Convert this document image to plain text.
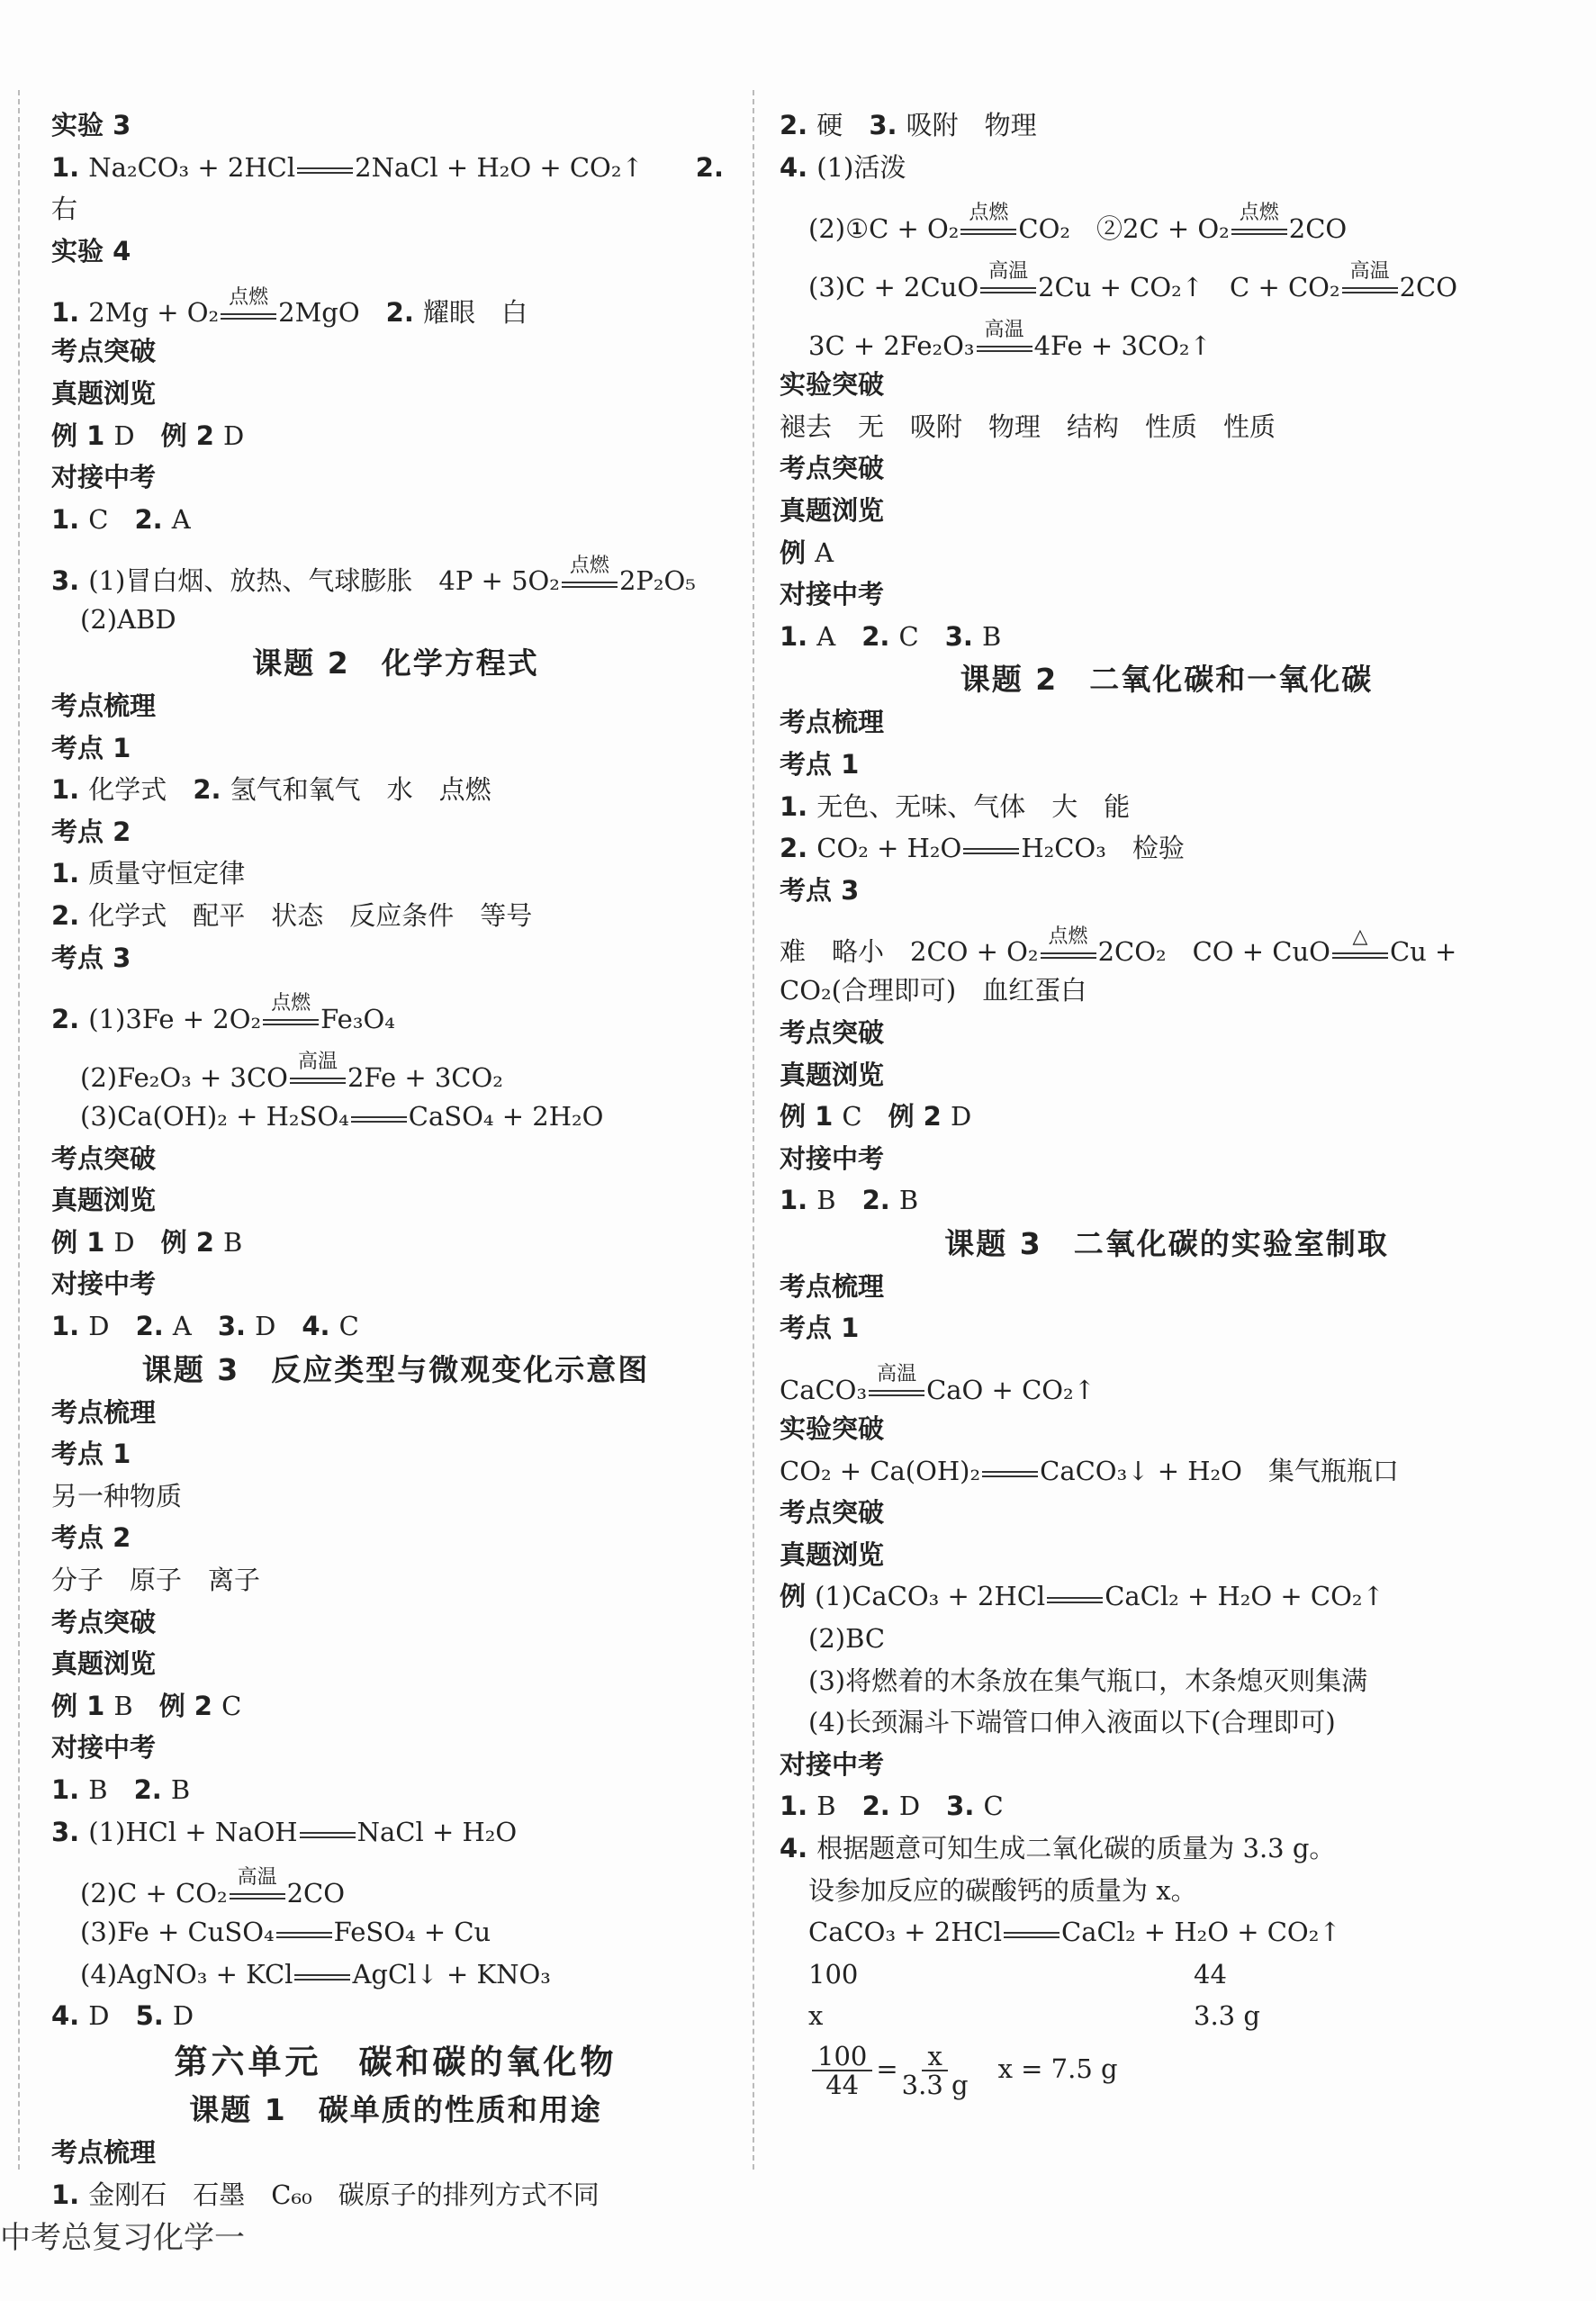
实验 3
1. Na₂CO₃ + 2HCl 2NaCl + H₂O + CO₂↑　　2. 右
实验 4
1. 2Mg + O₂
点燃
2MgO　2. 耀眼　白
考点突破
真题浏览
例 1 D　例 2 D
对接中考
1. C　2. A
3. (1)冒白烟、放热、气球膨胀　4P + 5O₂
点燃
2P₂O₅
(2)ABD
课题 2　化学方程式
考点梳理
考点 1
1. 化学式　2. 氢气和氧气　水　点燃
考点 2
1. 质量守恒定律
2. 化学式　配平　状态　反应条件　等号
考点 3
2. (1)3Fe + 2O₂
点燃
Fe₃O₄
(2)Fe₂O₃ + 3CO
高温
2Fe + 3CO₂
(3)Ca(OH)₂ + H₂SO₄ CaSO₄ + 2H₂O
考点突破
真题浏览
例 1 D　例 2 B
对接中考
1. D　2. A　3. D　4. C
课题 3　反应类型与微观变化示意图
考点梳理
考点 1
另一种物质
考点 2
分子　原子　离子
考点突破
真题浏览
例 1 B　例 2 C
对接中考
1. B　2. B
3. (1)HCl + NaOH NaCl + H₂O
(2)C + CO₂
高温
2CO
(3)Fe + CuSO₄ FeSO₄ + Cu
(4)AgNO₃ + KCl AgCl↓ + KNO₃
4. D　5. D
第六单元　碳和碳的氧化物
课题 1　碳单质的性质和用途
考点梳理
1. 金刚石　石墨　C₆₀　碳原子的排列方式不同
2. 硬　3. 吸附　物理
4. (1)活泼
(2)①C + O₂
点燃
CO₂　②2C + O₂
点燃
2CO
(3)C + 2CuO
高温
2Cu + CO₂↑　C + CO₂
高温
2CO
3C + 2Fe₂O₃
高温
4Fe + 3CO₂↑
实验突破
褪去　无　吸附　物理　结构　性质　性质
考点突破
真题浏览
例 A
对接中考
1. A　2. C　3. B
课题 2　二氧化碳和一氧化碳
考点梳理
考点 1
1. 无色、无味、气体　大　能
2. CO₂ + H₂O H₂CO₃　检验
考点 3
难　略小　2CO + O₂
点燃
2CO₂　CO + CuO
△
Cu +
CO₂(合理即可)　血红蛋白
考点突破
真题浏览
例 1 C　例 2 D
对接中考
1. B　2. B
课题 3　二氧化碳的实验室制取
考点梳理
考点 1
CaCO₃
高温
CaO + CO₂↑
实验突破
CO₂ + Ca(OH)₂ CaCO₃↓ + H₂O　集气瓶瓶口
考点突破
真题浏览
例 (1)CaCO₃ + 2HCl CaCl₂ + H₂O + CO₂↑
(2)BC
(3)将燃着的木条放在集气瓶口，木条熄灭则集满
(4)长颈漏斗下端管口伸入液面以下(合理即可)
对接中考
1. B　2. D　3. C
4. 根据题意可知生成二氧化碳的质量为 3.3 g。
设参加反应的碳酸钙的质量为 x。
CaCO₃ + 2HCl CaCl₂ + H₂O + CO₂↑
100	44
x	3.3 g
$\frac{100}{44} = \frac{x}{3.3 g}$ 　x = 7.5 g
中考总复习化学一
